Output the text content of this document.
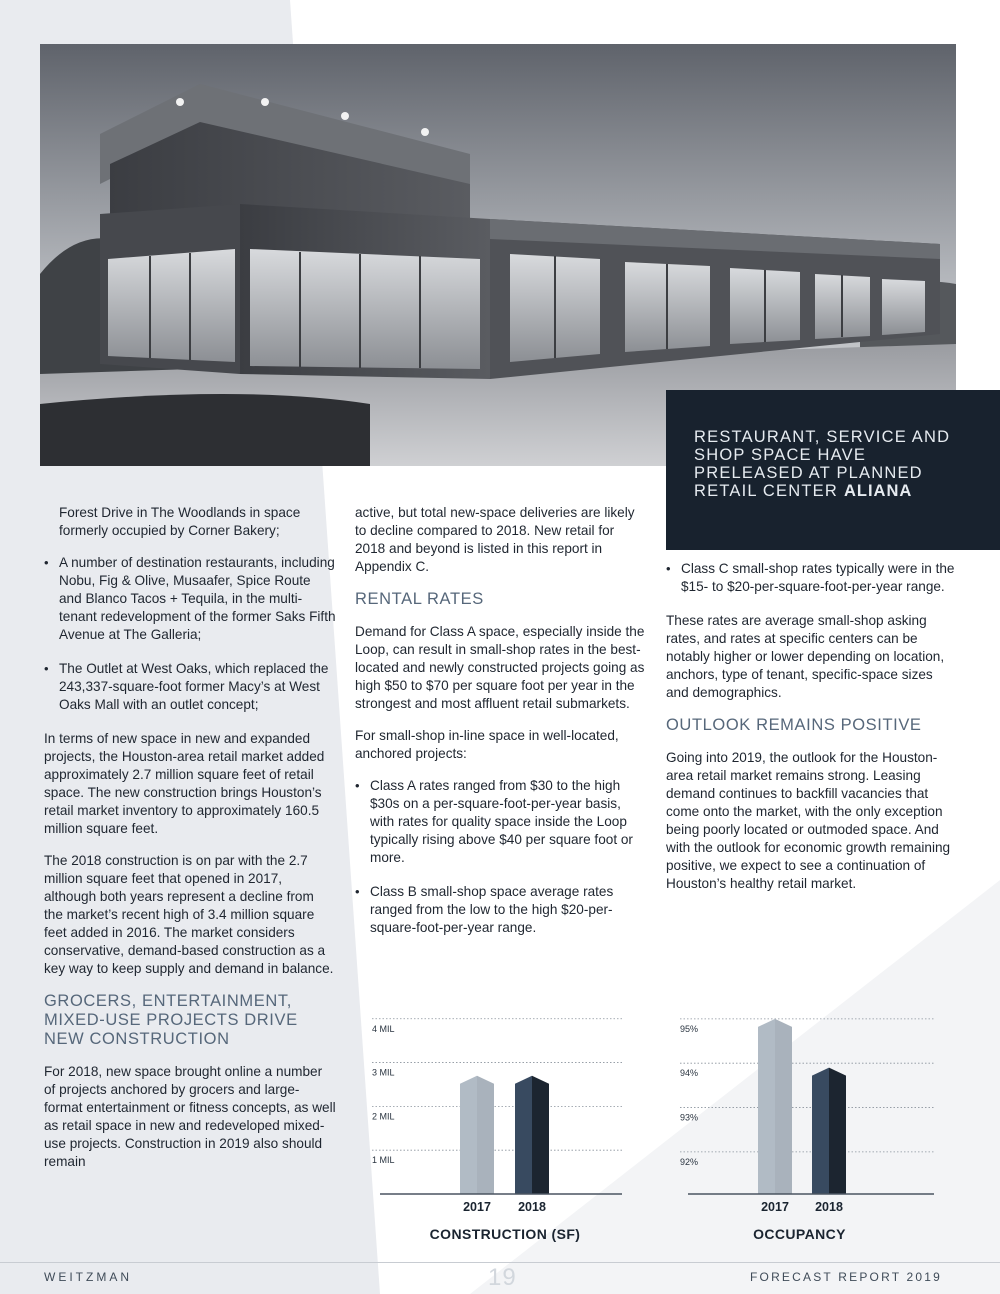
RESTAURANT, SERVICE AND SHOP SPACE HAVE PRELEASED AT PLANNED RETAIL CENTER ALIANA

Forest Drive in The Woodlands in space formerly occupied by Corner Bakery;

• A number of destination restaurants, including Nobu, Fig & Olive, Musaafer, Spice Route and Blanco Tacos + Tequila, in the multi-tenant redevelopment of the former Saks Fifth Avenue at The Galleria;
• The Outlet at West Oaks, which replaced the 243,337-square-foot former Macy’s at West Oaks Mall with an outlet concept;

In terms of new space in new and expanded projects, the Houston-area retail market added approximately 2.7 million square feet of retail space. The new construction brings Houston’s retail market inventory to approximately 160.5 million square feet.

The 2018 construction is on par with the 2.7 million square feet that opened in 2017, although both years represent a decline from the market’s recent high of 3.4 million square feet added in 2016. The market considers conservative, demand-based construction as a key way to keep supply and demand in balance.

GROCERS, ENTERTAINMENT, MIXED-USE PROJECTS DRIVE NEW CONSTRUCTION

For 2018, new space brought online a number of projects anchored by grocers and large-format entertainment or fitness concepts, as well as retail space in new and redeveloped mixed-use projects. Construction in 2019 also should remain

active, but total new-space deliveries are likely to decline compared to 2018. New retail for 2018 and beyond is listed in this report in Appendix C.

RENTAL RATES

Demand for Class A space, especially inside the Loop, can result in small-shop rates in the best-located and newly constructed projects going as high $50 to $70 per square foot per year in the strongest and most affluent retail submarkets.

For small-shop in-line space in well-located, anchored projects:

• Class A rates ranged from $30 to the high $30s on a per-square-foot-per-year basis, with rates for quality space inside the Loop typically rising above $40 per square foot or more.
• Class B small-shop space average rates ranged from the low to the high $20-per-square-foot-per-year range.
• Class C small-shop rates typically were in the $15- to $20-per-square-foot-per-year range.

These rates are average small-shop asking rates, and rates at specific centers can be notably higher or lower depending on location, anchors, type of tenant, specific-space sizes and demographics.

OUTLOOK REMAINS POSITIVE

Going into 2019, the outlook for the Houston-area retail market remains strong. Leasing demand continues to backfill vacancies that come onto the market, with the only exception being poorly located or outmoded space. And with the outlook for economic growth remaining positive, we expect to see a continuation of Houston’s healthy retail market.

1 MIL
2 MIL
3 MIL
4 MIL
2017 2018
CONSTRUCTION (SF)
92%
93%
94%
95%
2017 2018
OCCUPANCY
WEITZMAN	19	FORECAST REPORT 2019
